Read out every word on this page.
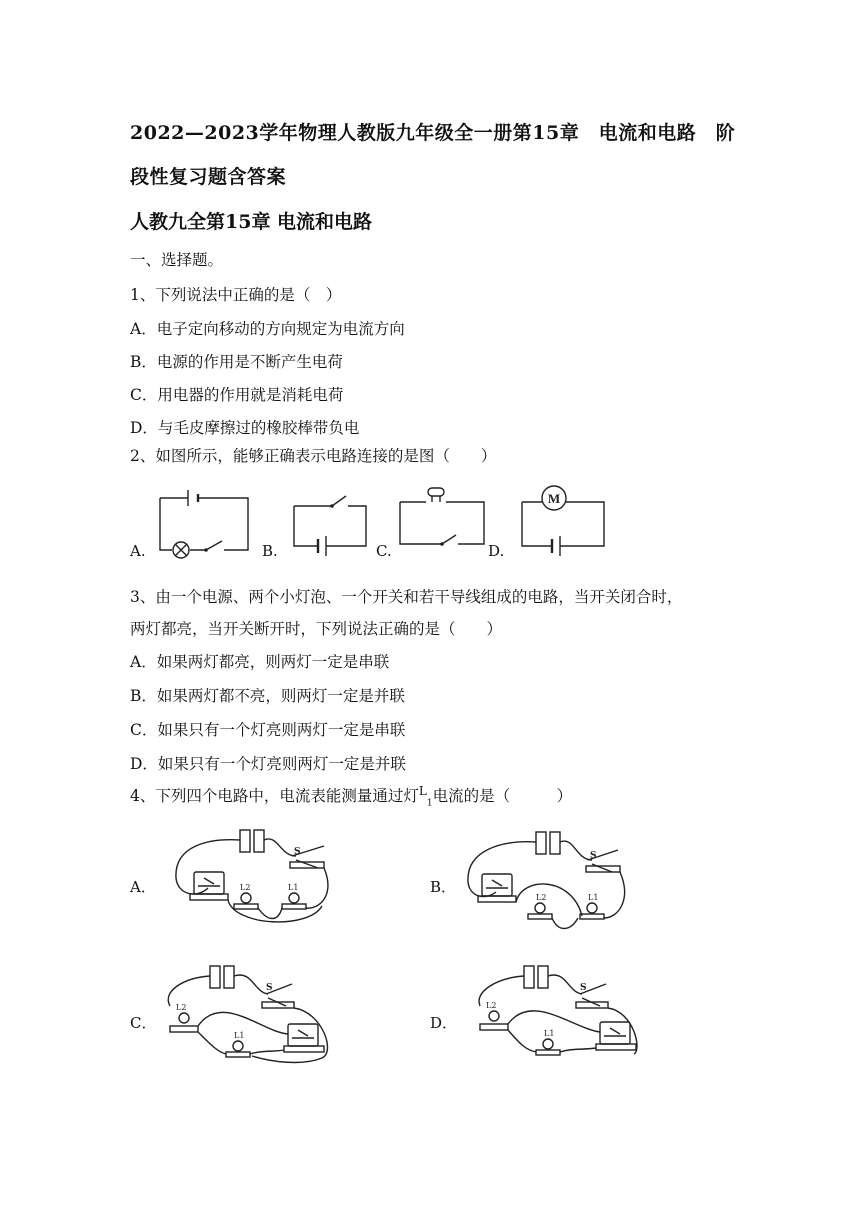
2022—2023学年物理人教版九年级全一册第15章　电流和电路　阶
段性复习题含答案
人教九全第15章 电流和电路
一、选择题。
1、下列说法中正确的是（　）
A．电子定向移动的方向规定为电流方向
B．电源的作用是不断产生电荷
C．用电器的作用就是消耗电荷
D．与毛皮摩擦过的橡胶棒带负电
2、如图所示，能够正确表示电路连接的是图（　　）
A.	B.	C.	D.
M
3、由一个电源、两个小灯泡、一个开关和若干导线组成的电路，当开关闭合时，
两灯都亮，当开关断开时，下列说法正确的是（　　）
A．如果两灯都亮，则两灯一定是串联
B．如果两灯都不亮，则两灯一定是并联
C．如果只有一个灯亮则两灯一定是串联
D．如果只有一个灯亮则两灯一定是并联
4、下列四个电路中，电流表能测量通过灯$^L_1$电流的是（　　　）
A．	B．
C．	D．
S
L2	L1
S
L2	L1
S
L2
L1
S
L2
L1
